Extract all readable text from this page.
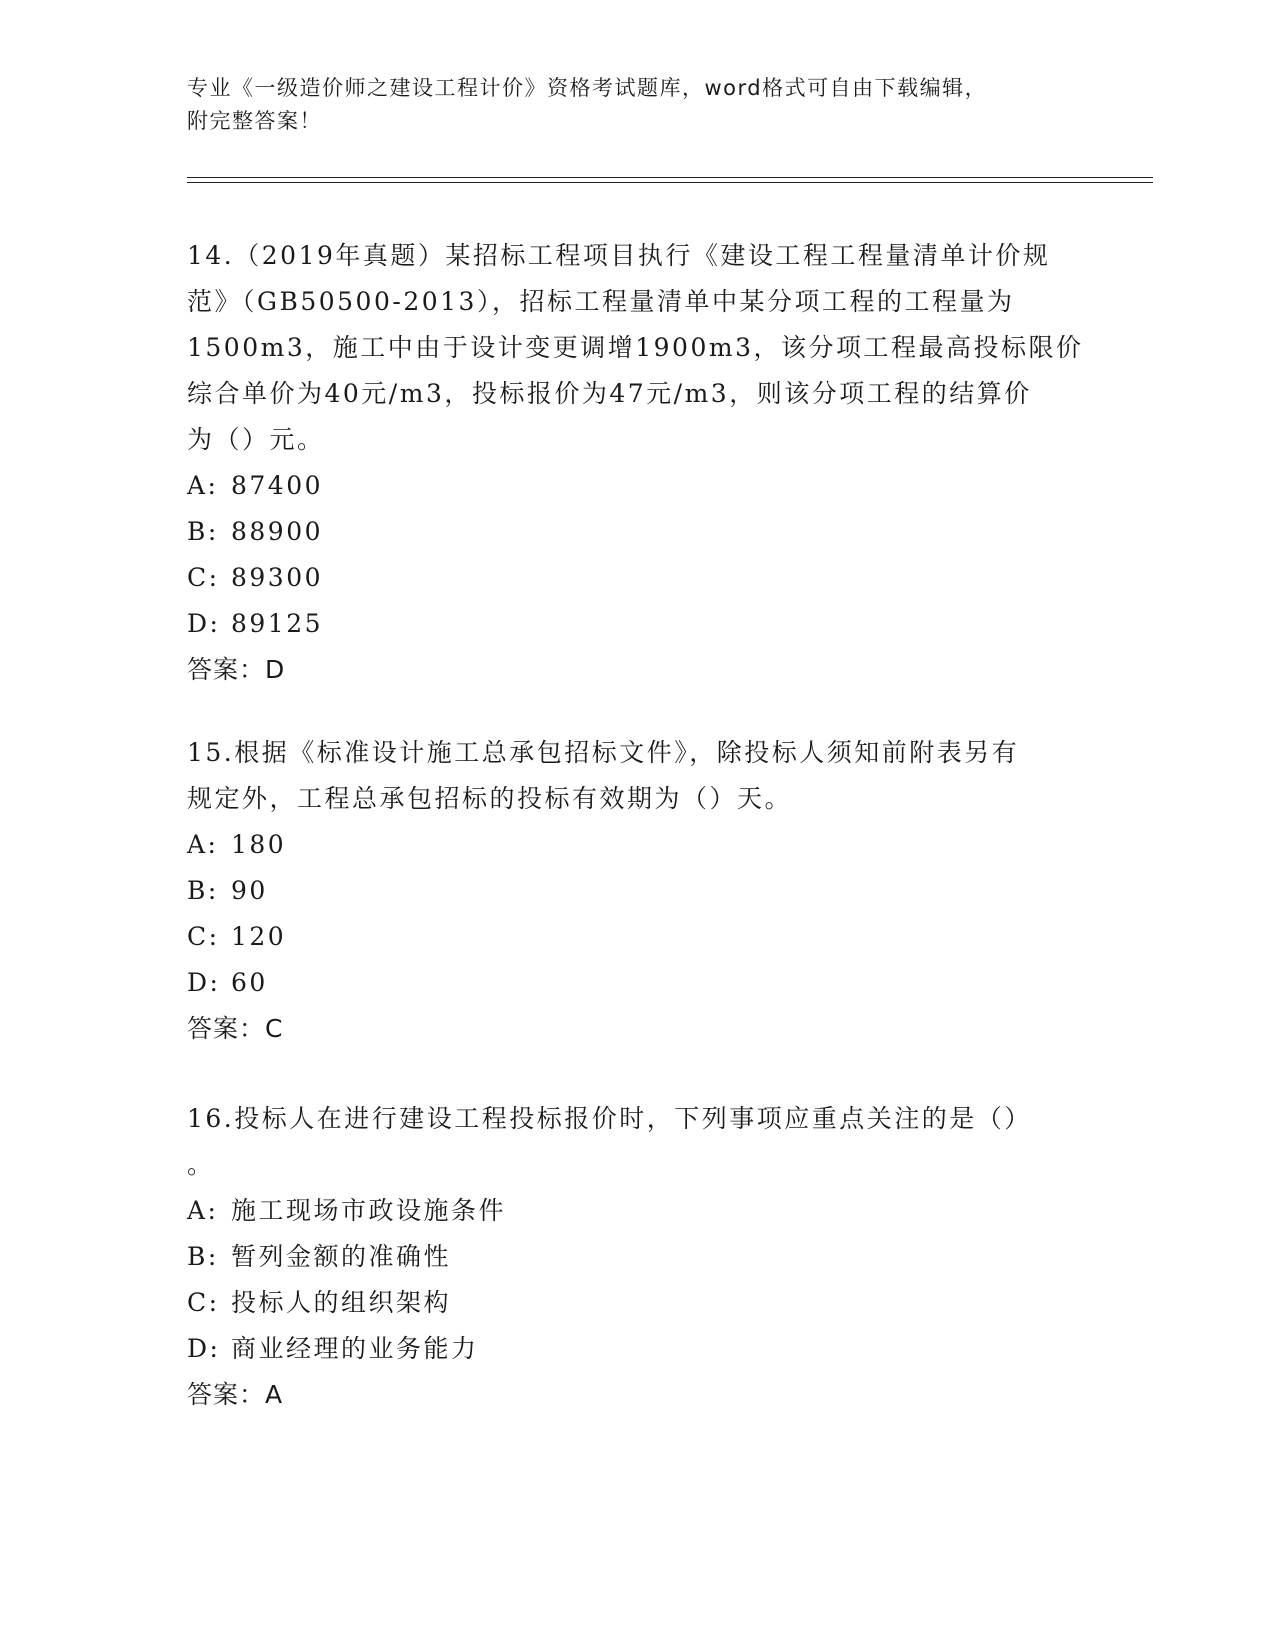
专业《一级造价师之建设工程计价》资格考试题库，word格式可自由下载编辑，
附完整答案！

14.（2019年真题）某招标工程项目执行《建设工程工程量清单计价规

范》（GB50500-2013），招标工程量清单中某分项工程的工程量为

1500m3，施工中由于设计变更调增1900m3，该分项工程最高投标限价

综合单价为40元/m3，投标报价为47元/m3，则该分项工程的结算价

为（）元。

A: 87400

B: 88900

C: 89300

D: 89125

答案：D

15.根据《标准设计施工总承包招标文件》，除投标人须知前附表另有

规定外，工程总承包招标的投标有效期为（）天。

A: 180

B: 90

C: 120

D: 60

答案：C

16.投标人在进行建设工程投标报价时，下列事项应重点关注的是（）

。

A: 施工现场市政设施条件

B: 暂列金额的准确性

C: 投标人的组织架构

D: 商业经理的业务能力

答案：A
